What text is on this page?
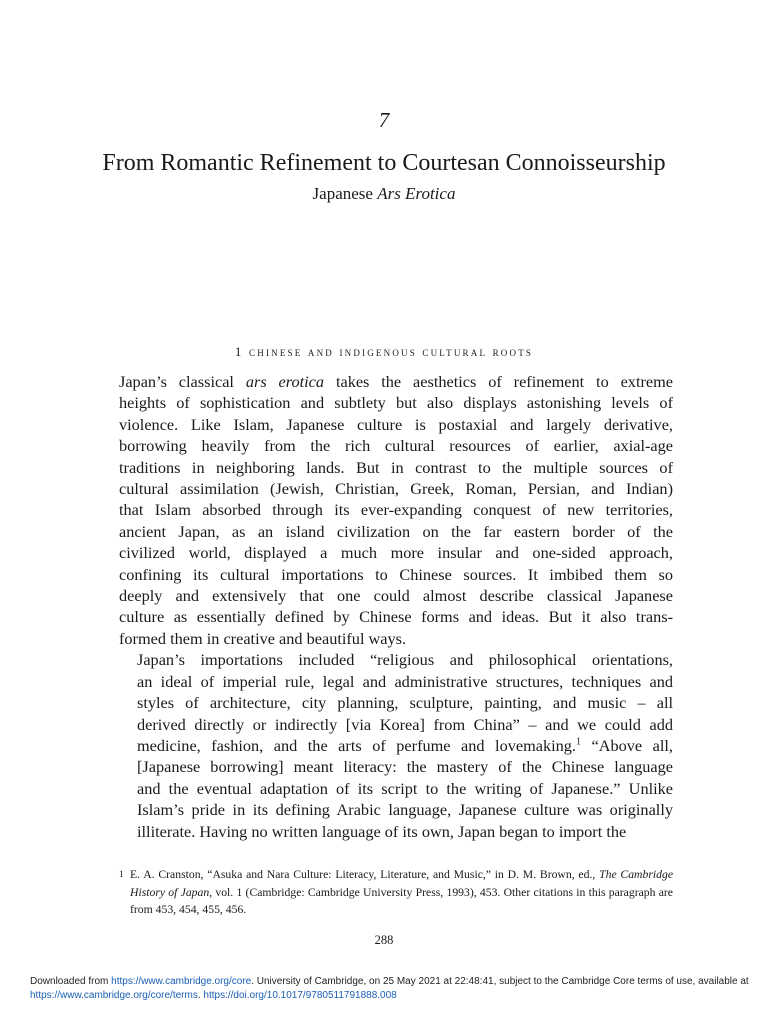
7
From Romantic Refinement to Courtesan Connoisseurship
Japanese Ars Erotica
1 chinese and indigenous cultural roots

Japan’s classical ars erotica takes the aesthetics of refinement to extreme
heights of sophistication and subtlety but also displays astonishing levels of
violence. Like Islam, Japanese culture is postaxial and largely derivative,
borrowing heavily from the rich cultural resources of earlier, axial-age
traditions in neighboring lands. But in contrast to the multiple sources of
cultural assimilation (Jewish, Christian, Greek, Roman, Persian, and Indian)
that Islam absorbed through its ever-expanding conquest of new territories,
ancient Japan, as an island civilization on the far eastern border of the
civilized world, displayed a much more insular and one-sided approach,
confining its cultural importations to Chinese sources. It imbibed them so
deeply and extensively that one could almost describe classical Japanese
culture as essentially defined by Chinese forms and ideas. But it also trans-
formed them in creative and beautiful ways.

Japan’s importations included “religious and philosophical orientations,
an ideal of imperial rule, legal and administrative structures, techniques and
styles of architecture, city planning, sculpture, painting, and music – all
derived directly or indirectly [via Korea] from China” – and we could add
medicine, fashion, and the arts of perfume and lovemaking.$^1$ “Above all,
[Japanese borrowing] meant literacy: the mastery of the Chinese language
and the eventual adaptation of its script to the writing of Japanese.” Unlike
Islam’s pride in its defining Arabic language, Japanese culture was originally
illiterate. Having no written language of its own, Japan began to import the

1 E. A. Cranston, “Asuka and Nara Culture: Literacy, Literature, and Music,” in D. M. Brown, ed., The Cambridge History of Japan, vol. 1 (Cambridge: Cambridge University Press, 1993), 453. Other citations in this paragraph are from 453, 454, 455, 456.
288
Downloaded from https://www.cambridge.org/core. University of Cambridge, on 25 May 2021 at 22:48:41, subject to the Cambridge Core terms of use, available at https://www.cambridge.org/core/terms. https://doi.org/10.1017/9780511791888.008
